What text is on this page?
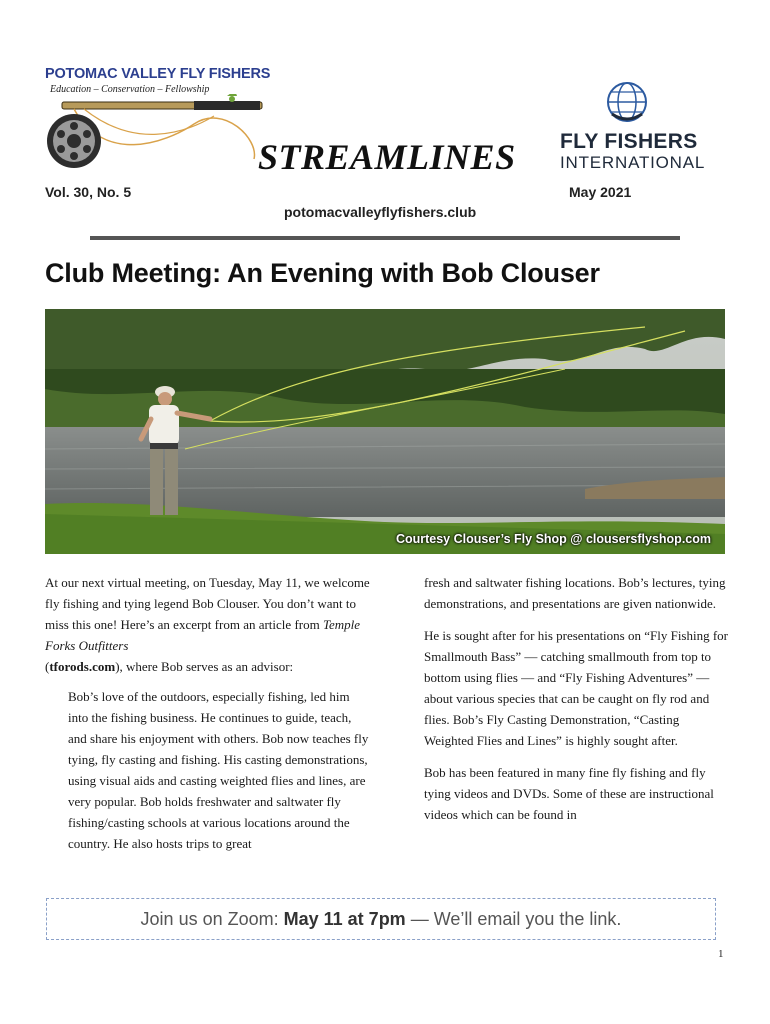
POTOMAC VALLEY FLY FISHERS
Education – Conservation – Fellowship
STREAMLINES FLY FISHERS
INTERNATIONAL
Vol. 30, No. 5	May 2021
potomacvalleyflyfishers.club
Club Meeting: An Evening with Bob Clouser
Courtesy Clouser’s Fly Shop @ clousersflyshop.com

At our next virtual meeting, on Tuesday, May 11, we welcome fly fishing and tying legend Bob Clouser. You don’t want to miss this one! Here’s an excerpt from an article from Temple Forks Outfitters
(tforods.com), where Bob serves as an advisor:

Bob’s love of the outdoors, especially fishing, led him into the fishing business. He continues to guide, teach, and share his enjoyment with others. Bob now teaches fly tying, fly casting and fishing. His casting demonstrations, using visual aids and casting weighted flies and lines, are very popular. Bob holds freshwater and saltwater fly fishing/casting schools at various locations around the country. He also hosts trips to great

fresh and saltwater fishing locations. Bob’s lectures, tying demonstrations, and presentations are given nationwide.

He is sought after for his presentations on “Fly Fishing for Smallmouth Bass” — catching smallmouth from top to bottom using flies — and “Fly Fishing Adventures” — about various species that can be caught on fly rod and flies. Bob’s Fly Casting Demonstration, “Casting Weighted Flies and Lines” is highly sought after.

Bob has been featured in many fine fly fishing and fly tying videos and DVDs. Some of these are instructional videos which can be found in

Join us on Zoom: May 11 at 7pm — We’ll email you the link.
1
